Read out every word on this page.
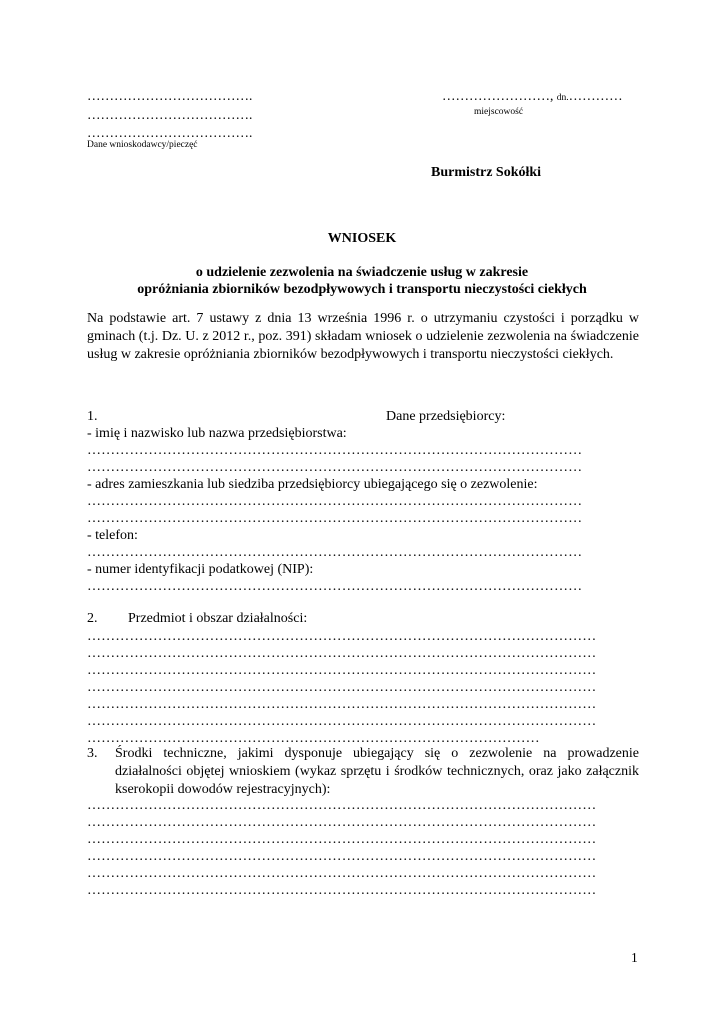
……………………………….
……………………………….
……………………………….
Dane wnioskodawcy/pieczęć
……………………, dn.…………
miejscowość
Burmistrz Sokółki
WNIOSEK
o udzielenie zezwolenia na świadczenie usług w zakresie
opróżniania zbiorników bezodpływowych i transportu nieczystości ciekłych
Na podstawie art. 7 ustawy z dnia 13 września 1996 r. o utrzymaniu czystości i porządku w gminach (t.j. Dz. U. z 2012 r., poz. 391) składam wniosek o udzielenie zezwolenia na świadczenie usług w zakresie opróżniania zbiorników bezodpływowych i transportu nieczystości ciekłych.
1.	Dane przedsiębiorcy:
- imię i nazwisko lub nazwa przedsiębiorstwa:
……………………………………………………………………………………………
……………………………………………………………………………………………
- adres zamieszkania lub siedziba przedsiębiorcy ubiegającego się o zezwolenie:
……………………………………………………………………………………………
……………………………………………………………………………………………
- telefon:
……………………………………………………………………………………………
- numer identyfikacji podatkowej (NIP):
……………………………………………………………………………………………
2. Przedmiot i obszar działalności:
………………………………………………………………………………………………
………………………………………………………………………………………………
………………………………………………………………………………………………
………………………………………………………………………………………………
………………………………………………………………………………………………
………………………………………………………………………………………………
……………………………………………………………………………………
3. Środki techniczne, jakimi dysponuje ubiegający się o zezwolenie na prowadzenie działalności objętej wnioskiem (wykaz sprzętu i środków technicznych, oraz jako załącznik kserokopii dowodów rejestracyjnych):
………………………………………………………………………………………………
………………………………………………………………………………………………
………………………………………………………………………………………………
………………………………………………………………………………………………
………………………………………………………………………………………………
………………………………………………………………………………………………
1
